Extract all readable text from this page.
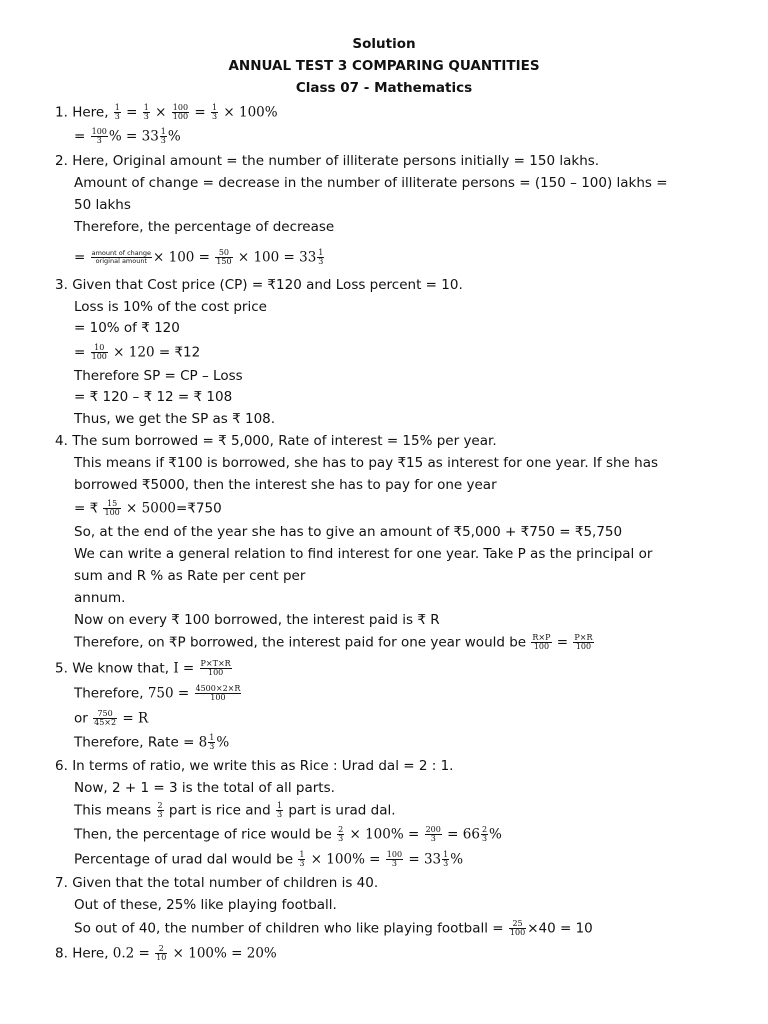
Solution
ANNUAL TEST 3 COMPARING QUANTITIES
Class 07 - Mathematics
1. Here, $\frac{1}{3} = \frac{1}{3} \times \frac{100}{100} = \frac{1}{3} \times 100\%$
= $\frac{100}{3}$ % = $33 \frac{1}{3}$ %
2. Here, Original amount = the number of illiterate persons initially = 150 lakhs.
Amount of change = decrease in the number of illiterate persons = (150 – 100) lakhs =
50 lakhs
Therefore, the percentage of decrease
= amount of change
original amount × $100 = \frac{50}{150} \times 100 = 33 \frac{1}{3}$
3. Given that Cost price (CP) = ₹120 and Loss percent = 10.
Loss is 10% of the cost price
= 10% of ₹ 120
= $\frac{10}{100} \times 120$ = ₹12
Therefore SP = CP – Loss
= ₹ 120 – ₹ 12 = ₹ 108
Thus, we get the SP as ₹ 108.
4. The sum borrowed = ₹ 5,000, Rate of interest = 15% per year.
This means if ₹100 is borrowed, she has to pay ₹15 as interest for one year. If she has
borrowed ₹5000, then the interest she has to pay for one year
= ₹ $\frac{15}{100}$ × 5000=₹750
So, at the end of the year she has to give an amount of ₹5,000 + ₹750 = ₹5,750
We can write a general relation to find interest for one year. Take P as the principal or
sum and R % as Rate per cent per
annum.
Now on every ₹ 100 borrowed, the interest paid is ₹ R
Therefore, on ₹P borrowed, the interest paid for one year would be $\frac{R\times P}{100} = \frac{P\times R}{100}$
5. We know that, $I = \frac{P\times T\times R}{100}$
Therefore, $750 = \frac{4500\times 2\times R}{100}$
or $\frac{750}{45\times 2} = R$
Therefore, Rate = $8 \frac{1}{3}$ %
6. In terms of ratio, we write this as Rice : Urad dal = 2 : 1.
Now, 2 + 1 = 3 is the total of all parts.
This means $\frac{2}{3}$ part is rice and $\frac{1}{3}$ part is urad dal.
Then, the percentage of rice would be $\frac{2}{3} \times 100\% = \frac{200}{3} = 66 \frac{2}{3}$ %
Percentage of urad dal would be $\frac{1}{3} \times 100\% = \frac{100}{3} = 33 \frac{1}{3}$ %
7. Given that the total number of children is 40.
Out of these, 25% like playing football.
So out of 40, the number of children who like playing football = $\frac{25}{100} \times 40 = 10$
8. Here, $0.2 = \frac{2}{10} \times 100\% = 20\%$
